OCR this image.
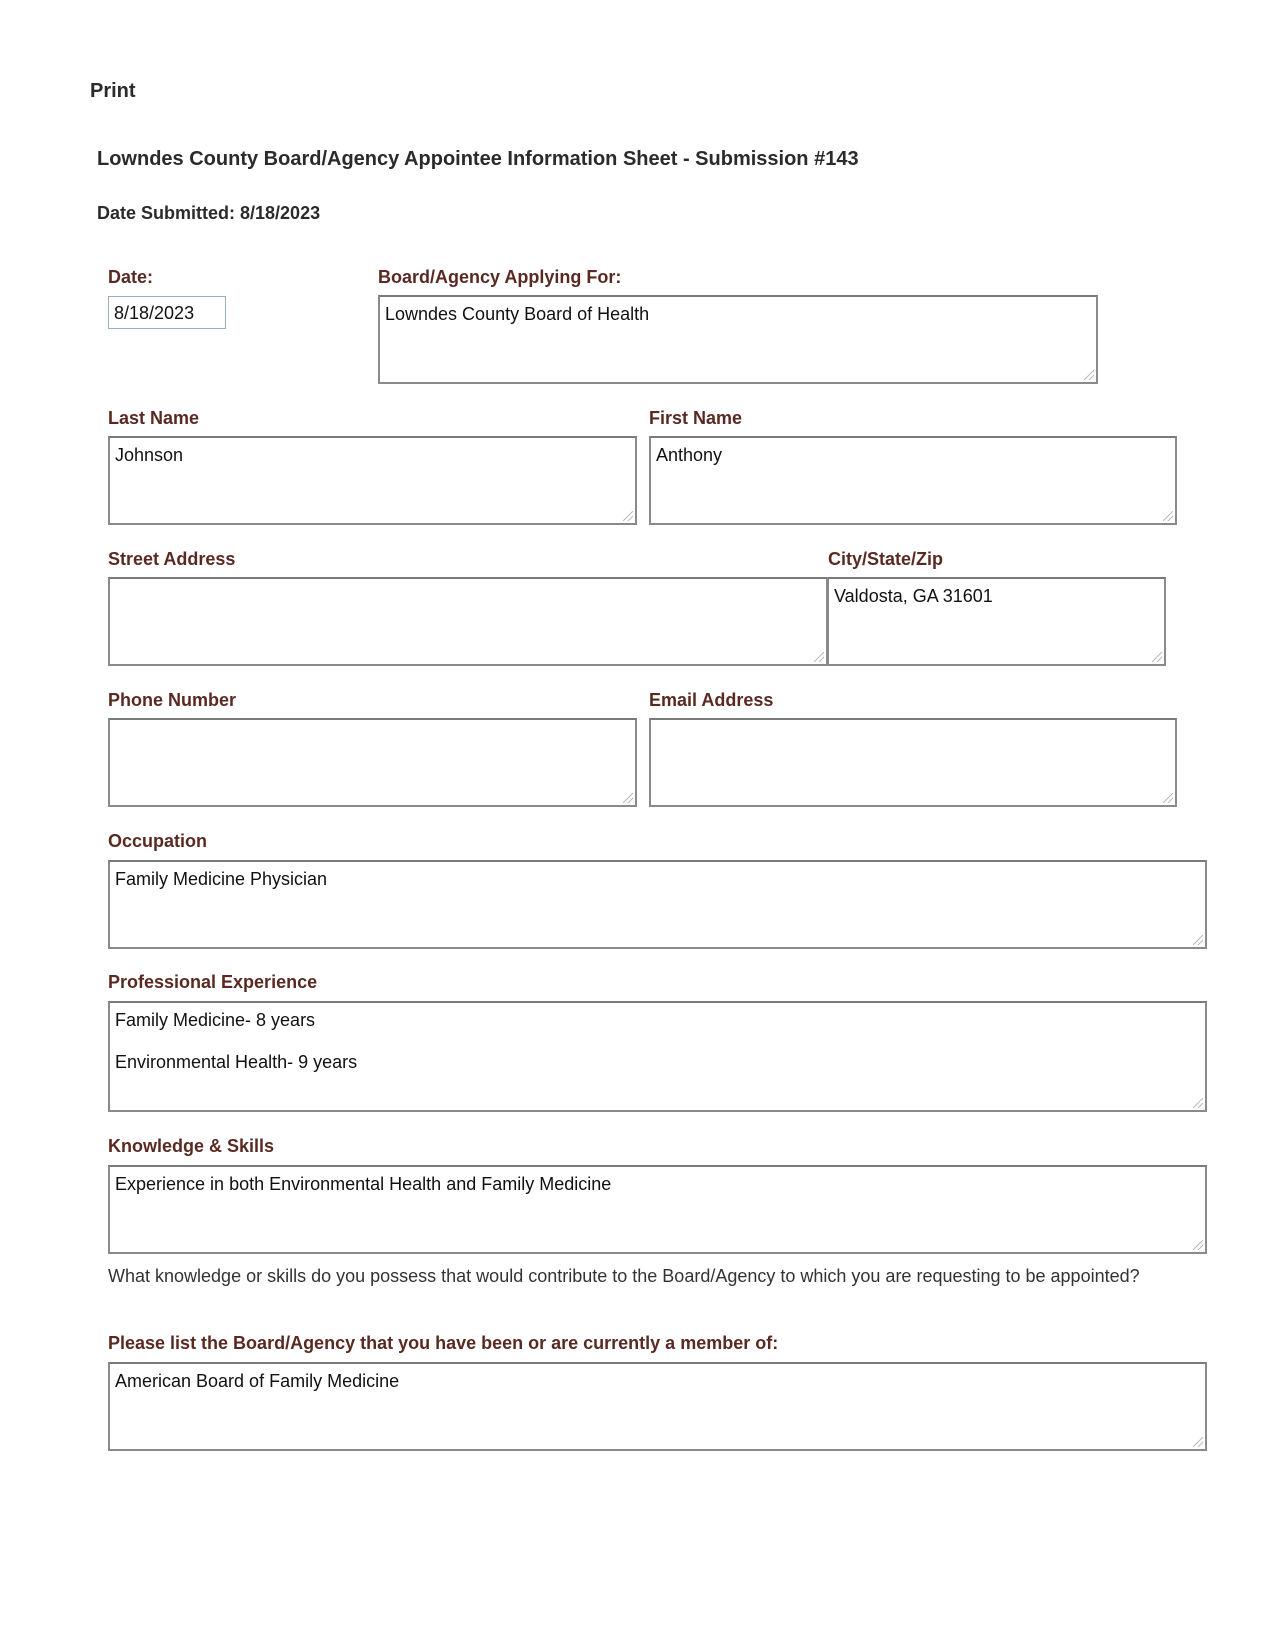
Print
Lowndes County Board/Agency Appointee Information Sheet - Submission #143
Date Submitted: 8/18/2023
Date:
8/18/2023
Board/Agency Applying For:
Lowndes County Board of Health
Last Name
Johnson
First Name
Anthony
Street Address	City/State/Zip
Valdosta, GA 31601
Phone Number	Email Address
Occupation
Family Medicine Physician
Professional Experience

Family Medicine- 8 years

Environmental Health- 9 years

Knowledge & Skills
Experience in both Environmental Health and Family Medicine
What knowledge or skills do you possess that would contribute to the Board/Agency to which you are requesting to be appointed?
Please list the Board/Agency that you have been or are currently a member of:
American Board of Family Medicine
